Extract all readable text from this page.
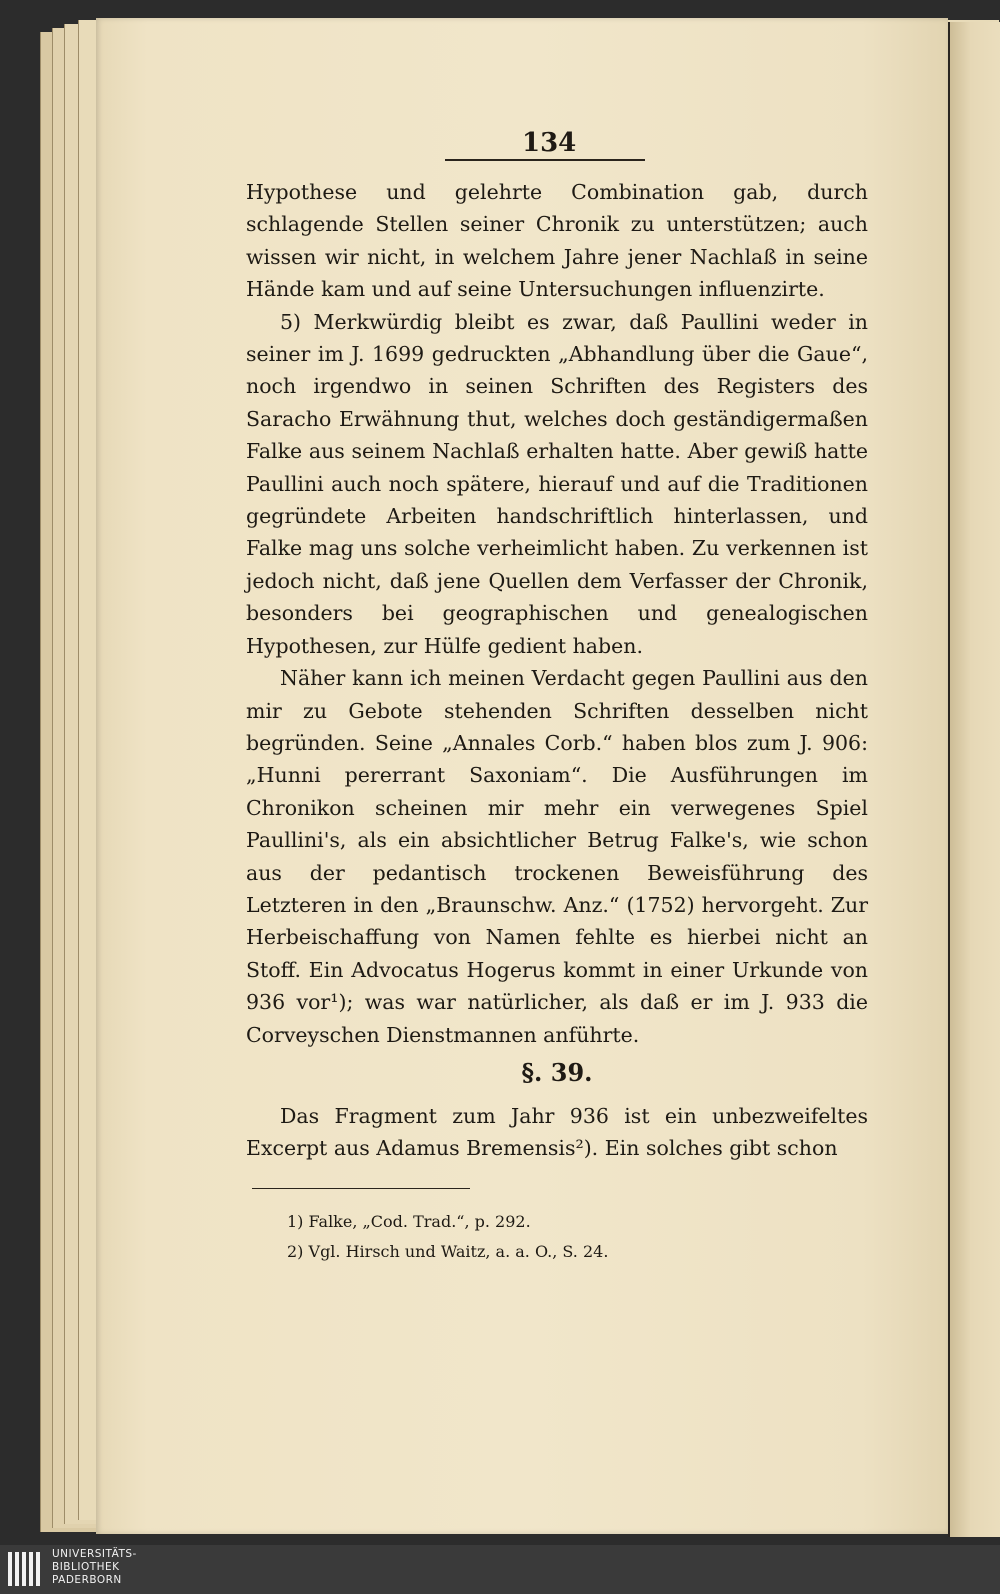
134

Hypothese und gelehrte Combination gab, durch schlagende Stellen seiner Chronik zu unterstützen; auch wissen wir nicht, in welchem Jahre jener Nachlaß in seine Hände kam und auf seine Untersuchungen influenzirte.

5) Merkwürdig bleibt es zwar, daß Paullini weder in seiner im J. 1699 gedruckten „Abhandlung über die Gaue“, noch irgendwo in seinen Schriften des Registers des Saracho Erwähnung thut, welches doch geständigermaßen Falke aus seinem Nachlaß erhalten hatte. Aber gewiß hatte Paullini auch noch spätere, hierauf und auf die Traditionen gegründete Arbeiten handschriftlich hinterlassen, und Falke mag uns solche verheimlicht haben. Zu verkennen ist jedoch nicht, daß jene Quellen dem Verfasser der Chronik, besonders bei geographischen und genealogischen Hypothesen, zur Hülfe gedient haben.

Näher kann ich meinen Verdacht gegen Paullini aus den mir zu Gebote stehenden Schriften desselben nicht begründen. Seine „Annales Corb.“ haben blos zum J. 906: „Hunni pererrant Saxoniam“. Die Ausführungen im Chronikon scheinen mir mehr ein verwegenes Spiel Paullini's, als ein absichtlicher Betrug Falke's, wie schon aus der pedantisch trockenen Beweisführung des Letzteren in den „Braunschw. Anz.“ (1752) hervorgeht. Zur Herbeischaffung von Namen fehlte es hierbei nicht an Stoff. Ein Advocatus Hogerus kommt in einer Urkunde von 936 vor¹); was war natürlicher, als daß er im J. 933 die Corveyschen Dienstmannen anführte.

§. 39.

Das Fragment zum Jahr 936 ist ein unbezweifeltes Excerpt aus Adamus Bremensis²). Ein solches gibt schon

1) Falke, „Cod. Trad.“, p. 292.
2) Vgl. Hirsch und Waitz, a. a. O., S. 24.
UNIVERSITÄTS-
BIBLIOTHEK
PADERBORN
